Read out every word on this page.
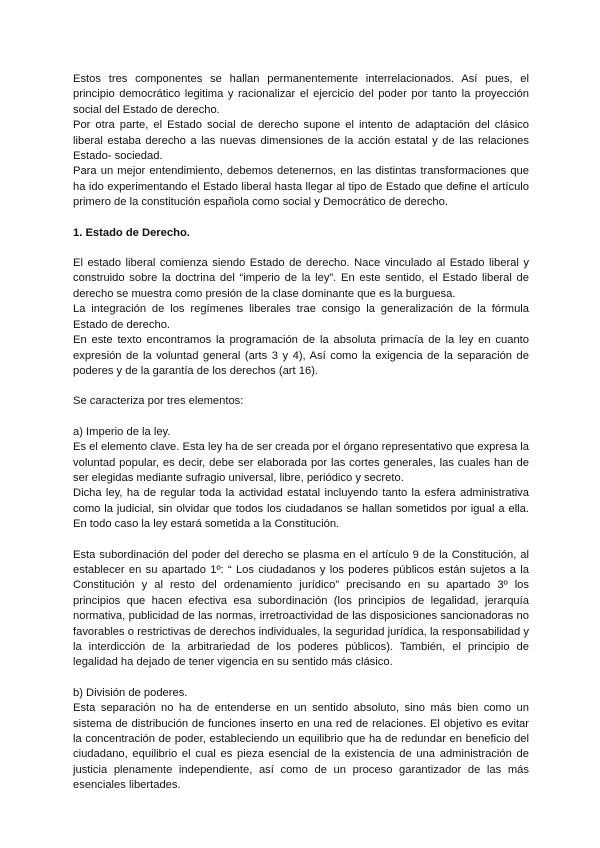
Estos tres componentes se hallan permanentemente interrelacionados. Así pues, el principio democrático legitima y racionalizar el ejercicio del poder por tanto la proyección social del Estado de derecho.

Por otra parte, el Estado social de derecho supone el intento de adaptación del clásico liberal estaba derecho a las nuevas dimensiones de la acción estatal y de las relaciones Estado- sociedad.

Para un mejor entendimiento, debemos detenernos, en las distintas transformaciones que ha ido experimentando el Estado liberal hasta llegar al tipo de Estado que define el artículo primero de la constitución española como social y Democrático de derecho.

1. Estado de Derecho.

El estado liberal comienza siendo Estado de derecho. Nace vinculado al Estado liberal y construido sobre la doctrina del “imperio de la ley”. En este sentido, el Estado liberal de derecho se muestra como presión de la clase dominante que es la burguesa.

La integración de los regímenes liberales trae consigo la generalización de la fórmula Estado de derecho.

En este texto encontramos la programación de la absoluta primacía de la ley en cuanto expresión de la voluntad general (arts 3 y 4), Así como la exigencia de la separación de poderes y de la garantía de los derechos (art 16).

Se caracteriza por tres elementos:

a) Imperio de la ley.

Es el elemento clave. Esta ley ha de ser creada por el órgano representativo que expresa la voluntad popular, es decir, debe ser elaborada por las cortes generales, las cuales han de ser elegidas mediante sufragio universal, libre, periódico y secreto.

Dicha ley, ha de regular toda la actividad estatal incluyendo tanto la esfera administrativa como la judicial, sin olvidar que todos los ciudadanos se hallan sometidos por igual a ella. En todo caso la ley estará sometida a la Constitución.

Esta subordinación del poder del derecho se plasma en el artículo 9 de la Constitución, al establecer en su apartado 1º: “ Los ciudadanos y los poderes públicos están sujetos a la Constitución y al resto del ordenamiento jurídico” precisando en su apartado 3º los principios que hacen efectiva esa subordinación (los principios de legalidad, jerarquía normativa, publicidad de las normas, irretroactividad de las disposiciones sancionadoras no favorables o restrictivas de derechos individuales, la seguridad jurídica, la responsabilidad y la interdicción de la arbitrariedad de los poderes públicos). También, el principio de legalidad ha dejado de tener vigencia en su sentido más clásico.

b) División de poderes.

Esta separación no ha de entenderse en un sentido absoluto, sino más bien como un sistema de distribución de funciones inserto en una red de relaciones. El objetivo es evitar la concentración de poder, estableciendo un equilibrio que ha de redundar en beneficio del ciudadano, equilibrio el cual es pieza esencial de la existencia de una administración de justicia plenamente independiente, así como de un proceso garantizador de las más esenciales libertades.
